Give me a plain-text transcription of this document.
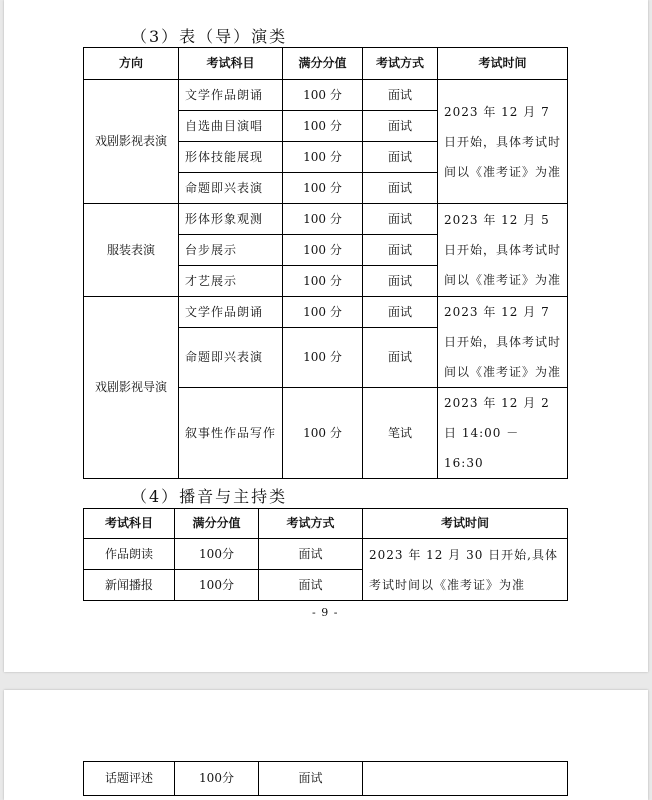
（3）表（导）演类
方向	考试科目	满分分值	考试方式	考试时间
戏剧影视表演	文学作品朗诵	100 分	面试	2023 年 12 月 7 日开始，具体考试时间以《准考证》为准
	自选曲目演唱	100 分	面试	
	形体技能展现	100 分	面试	
	命题即兴表演	100 分	面试	
服装表演	形体形象观测	100 分	面试	2023 年 12 月 5 日开始，具体考试时间以《准考证》为准
	台步展示	100 分	面试	
	才艺展示	100 分	面试	
戏剧影视导演	文学作品朗诵	100 分	面试	2023 年 12 月 7 日开始，具体考试时间以《准考证》为准
	命题即兴表演	100 分	面试	
	叙事性作品写作	100 分	笔试	2023 年 12 月 2 日 14:00 － 16:30
（4）播音与主持类
考试科目	满分分值	考试方式	考试时间
作品朗读	100分	面试	2023 年 12 月 30 日开始,具体考试时间以《准考证》为准
新闻播报	100分	面试	
- 9 -
话题评述	100分	面试	
